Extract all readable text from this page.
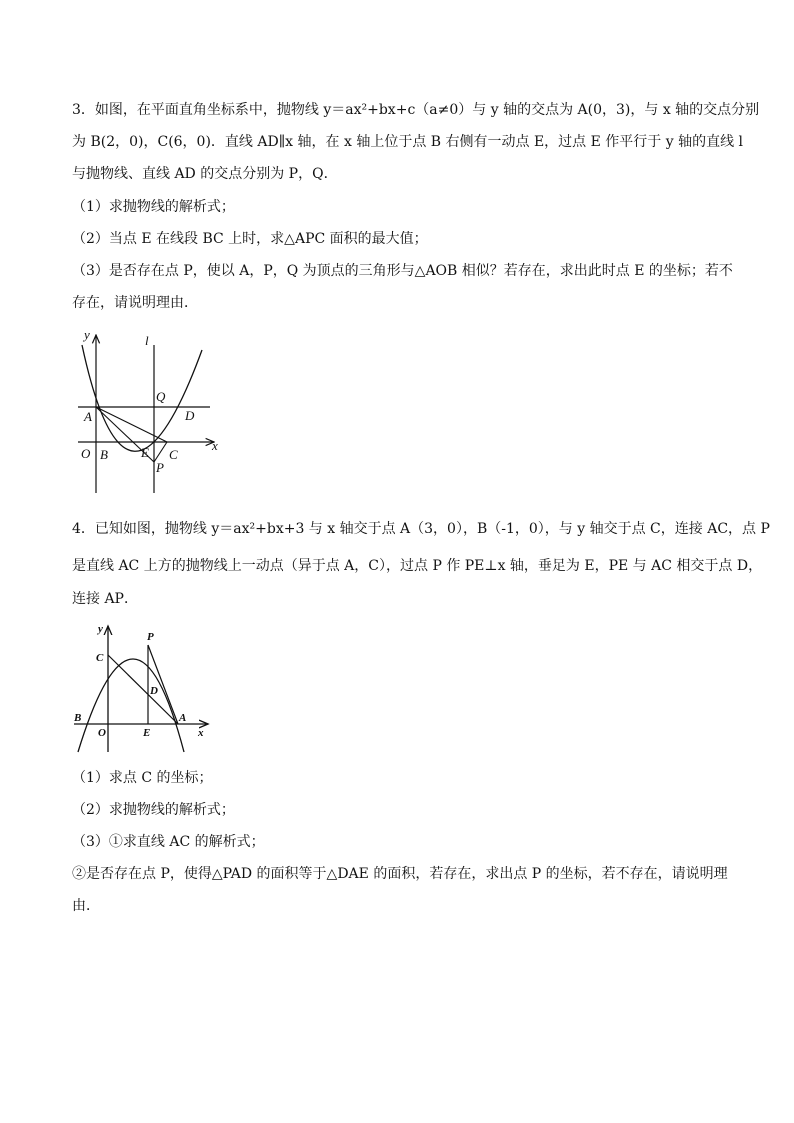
3．如图，在平面直角坐标系中，抛物线 y＝ax²+bx+c（a≠0）与 y 轴的交点为 A(0，3)，与 x 轴的交点分别
为 B(2，0)，C(6，0)．直线 AD∥x 轴，在 x 轴上位于点 B 右侧有一动点 E，过点 E 作平行于 y 轴的直线 l
与抛物线、直线 AD 的交点分别为 P，Q．
（1）求抛物线的解析式；
（2）当点 E 在线段 BC 上时，求△APC 面积的最大值；
（3）是否存在点 P，使以 A，P，Q 为顶点的三角形与△AOB 相似？若存在，求出此时点 E 的坐标；若不
存在，请说明理由．
y	l
Q
A	D
x
O B	E C
P
4．已知如图，抛物线 y＝ax²+bx+3 与 x 轴交于点 A（3，0），B（-1，0），与 y 轴交于点 C，连接 AC，点 P
是直线 AC 上方的抛物线上一动点（异于点 A，C），过点 P 作 PE⊥x 轴，垂足为 E，PE 与 AC 相交于点 D，
连接 AP．
y
P
C
D
B	A
O	E	x
（1）求点 C 的坐标；
（2）求抛物线的解析式；
（3）①求直线 AC 的解析式；
②是否存在点 P，使得△PAD 的面积等于△DAE 的面积，若存在，求出点 P 的坐标，若不存在，请说明理
由．
